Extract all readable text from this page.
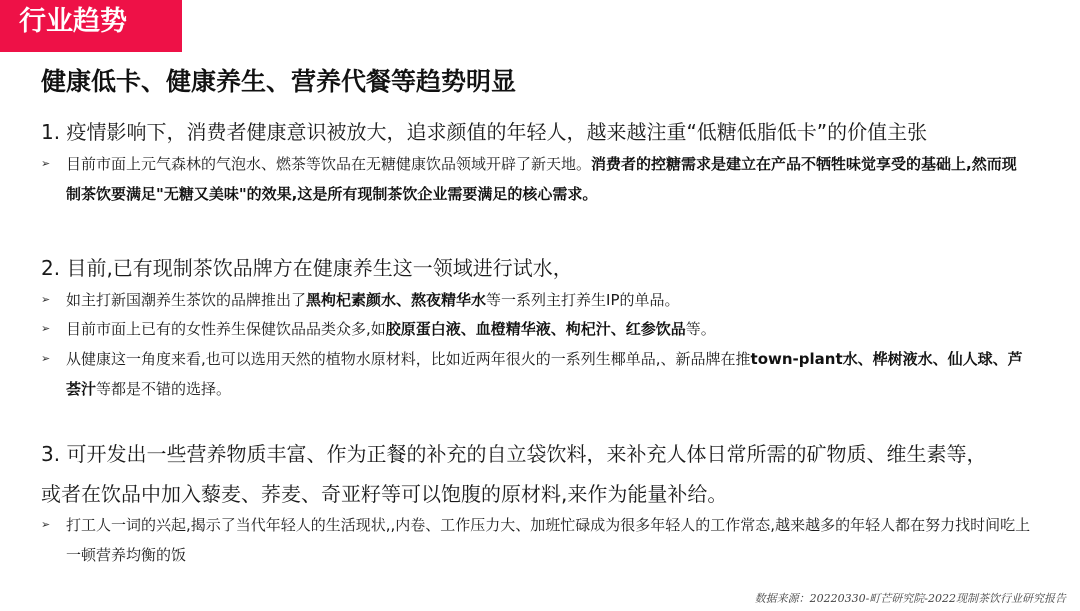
行业趋势
健康低卡、健康养生、营养代餐等趋势明显
1. 疫情影响下，消费者健康意识被放大，追求颜值的年轻人，越来越注重“低糖低脂低卡”的价值主张
➢	目前市面上元气森林的气泡水、燃茶等饮品在无糖健康饮品领域开辟了新天地。消费者的控糖需求是建立在产品不牺牲味觉享受的基础上,然而现制茶饮要满足"无糖又美味"的效果,这是所有现制茶饮企业需要满足的核心需求。
2. 目前,已有现制茶饮品牌方在健康养生这一领域进行试水，
➢	如主打新国潮养生茶饮的品牌推出了黑枸杞素颜水、熬夜精华水等一系列主打养生IP的单品。
➢	目前市面上已有的女性养生保健饮品品类众多,如胶原蛋白液、血橙精华液、枸杞汁、红参饮品等。
➢	从健康这一角度来看,也可以选用天然的植物水原材料，比如近两年很火的一系列生椰单品,、新品牌在推town-plant水、桦树液水、仙人球、芦荟汁等都是不错的选择。
3. 可开发出一些营养物质丰富、作为正餐的补充的自立袋饮料，来补充人体日常所需的矿物质、维生素等，
或者在饮品中加入藜麦、荞麦、奇亚籽等可以饱腹的原材料,来作为能量补给。
➢	打工人一词的兴起,揭示了当代年轻人的生活现状,,内卷、工作压力大、加班忙碌成为很多年轻人的工作常态,越来越多的年轻人都在努力找时间吃上一顿营养均衡的饭
数据来源：20220330-町芒研究院-2022现制茶饮行业研究报告
